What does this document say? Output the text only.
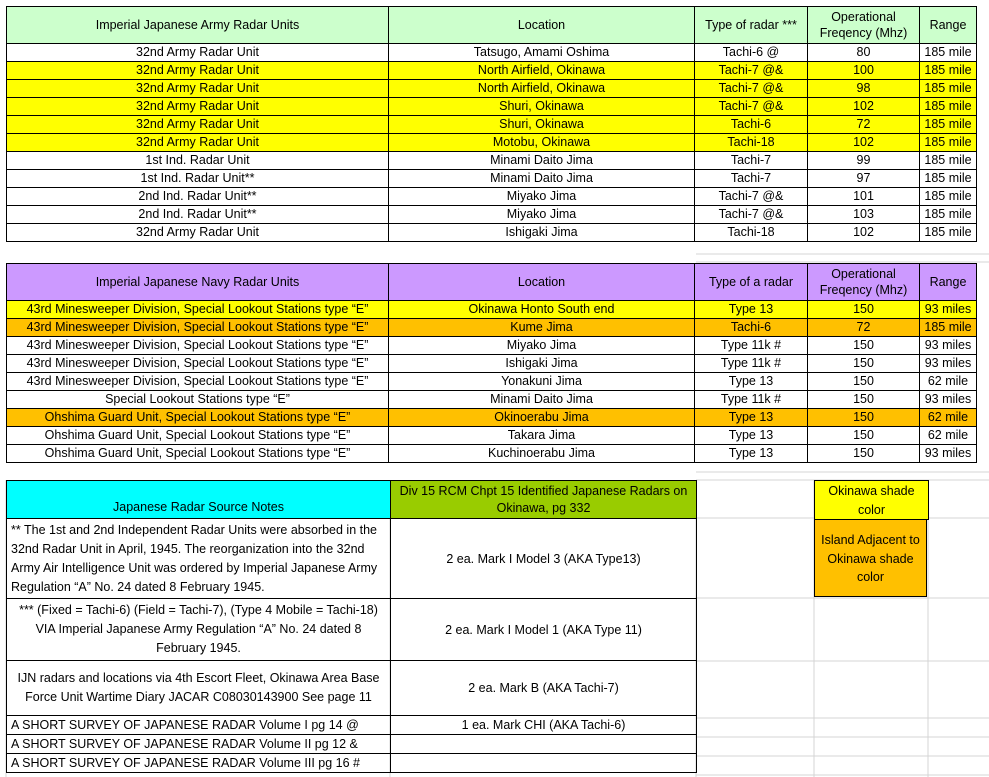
Imperial Japanese Army Radar Units	Location	Type of radar ***	Operational Freqency (Mhz)	Range
32nd Army Radar Unit	Tatsugo, Amami Oshima	Tachi-6 @	80	185 mile
32nd Army Radar Unit	North Airfield, Okinawa	Tachi-7 @&	100	185 mile
32nd Army Radar Unit	North Airfield, Okinawa	Tachi-7 @&	98	185 mile
32nd Army Radar Unit	Shuri, Okinawa	Tachi-7 @&	102	185 mile
32nd Army Radar Unit	Shuri, Okinawa	Tachi-6	72	185 mile
32nd Army Radar Unit	Motobu, Okinawa	Tachi-18	102	185 mile
1st Ind. Radar Unit	Minami Daito Jima	Tachi-7	99	185 mile
1st Ind. Radar Unit**	Minami Daito Jima	Tachi-7	97	185 mile
2nd Ind. Radar Unit**	Miyako Jima	Tachi-7 @&	101	185 mile
2nd Ind. Radar Unit**	Miyako Jima	Tachi-7 @&	103	185 mile
32nd Army Radar Unit	Ishigaki Jima	Tachi-18	102	185 mile
Imperial Japanese Navy Radar Units	Location	Type of a radar	Operational Freqency (Mhz)	Range
43rd Minesweeper Division, Special Lookout Stations type “E”	Okinawa Honto South end	Type 13	150	93 miles
43rd Minesweeper Division, Special Lookout Stations type “E”	Kume Jima	Tachi-6	72	185 mile
43rd Minesweeper Division, Special Lookout Stations type “E”	Miyako Jima	Type 11k #	150	93 miles
43rd Minesweeper Division, Special Lookout Stations type “E”	Ishigaki Jima	Type 11k #	150	93 miles
43rd Minesweeper Division, Special Lookout Stations type “E”	Yonakuni Jima	Type 13	150	62 mile
Special Lookout Stations type “E”	Minami Daito Jima	Type 11k #	150	93 miles
Ohshima Guard Unit, Special Lookout Stations type “E”	Okinoerabu Jima	Type 13	150	62 mile
Ohshima Guard Unit, Special Lookout Stations type “E”	Takara Jima	Type 13	150	62 mile
Ohshima Guard Unit, Special Lookout Stations type “E”	Kuchinoerabu Jima	Type 13	150	93 miles
Japanese Radar Source Notes	Div 15 RCM Chpt 15 Identified Japanese Radars on Okinawa, pg 332
** The 1st and 2nd Independent Radar Units were absorbed in the 32nd Radar Unit in April, 1945. The reorganization into the 32nd Army Air Intelligence Unit was ordered by Imperial Japanese Army Regulation “A” No. 24 dated 8 February 1945.	2 ea. Mark I Model 3 (AKA Type13)
*** (Fixed = Tachi-6) (Field = Tachi-7), (Type 4 Mobile = Tachi-18) VIA Imperial Japanese Army Regulation “A” No. 24 dated 8 February 1945.	2 ea. Mark I Model 1 (AKA Type 11)
IJN radars and locations via 4th Escort Fleet, Okinawa Area Base Force Unit Wartime Diary JACAR C08030143900 See page 11	2 ea. Mark B (AKA Tachi-7)
A SHORT SURVEY OF JAPANESE RADAR Volume I pg 14 @	1 ea. Mark CHI (AKA Tachi-6)
A SHORT SURVEY OF JAPANESE RADAR Volume II pg 12 &	
A SHORT SURVEY OF JAPANESE RADAR Volume III pg 16 #	
Okinawa shade color
Island Adjacent to Okinawa shade color
